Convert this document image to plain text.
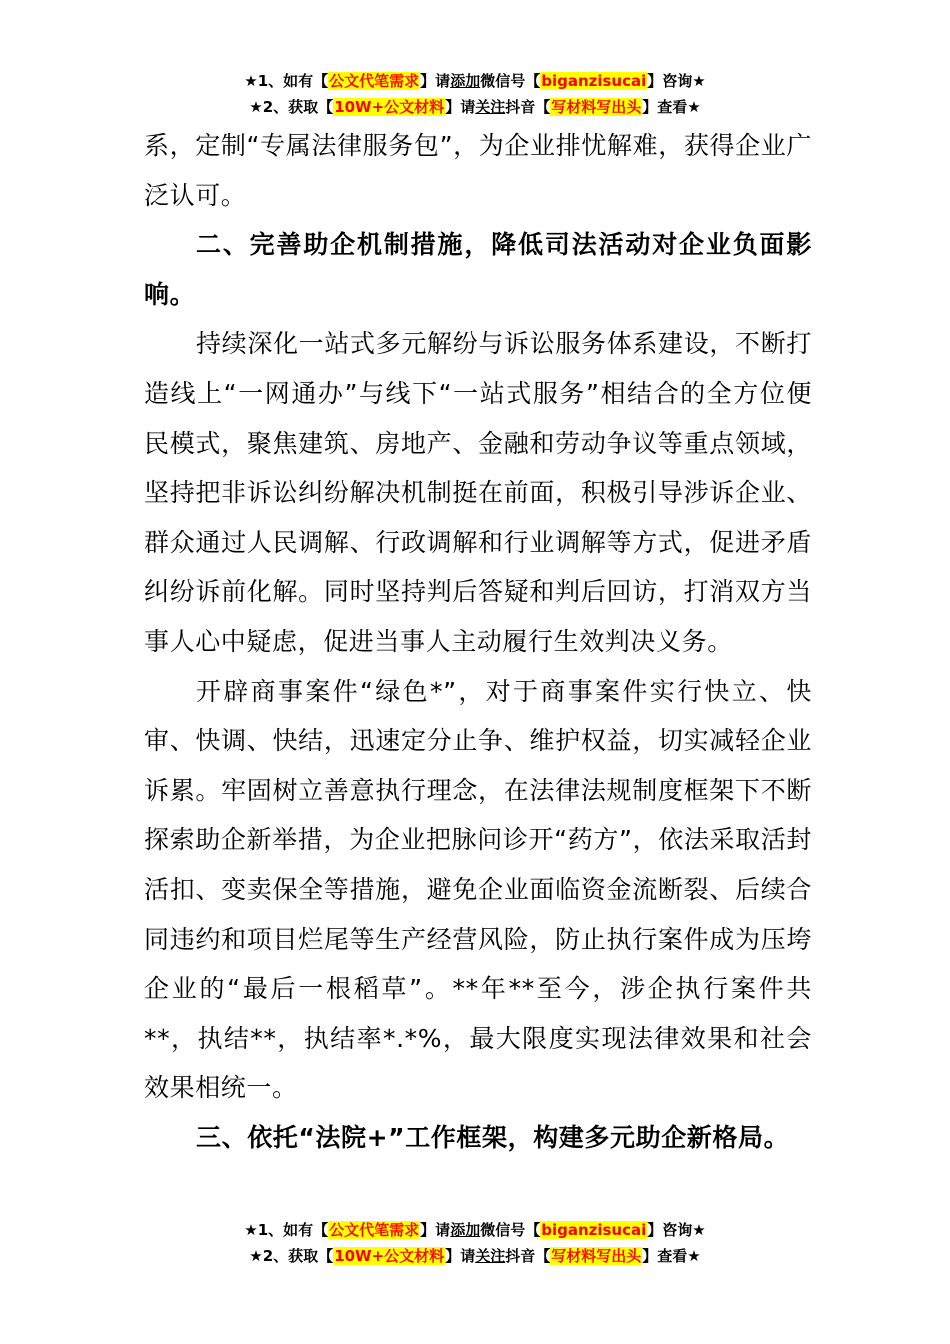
★1、如有【公文代笔需求】请添加微信号【biganzisucai】咨询★
★2、获取【10W+公文材料】请关注抖音【写材料写出头】查看★

系，定制“专属法律服务包”，为企业排忧解难，获得企业广泛认可。

二、完善助企机制措施，降低司法活动对企业负面影响。

持续深化一站式多元解纷与诉讼服务体系建设，不断打造线上“一网通办”与线下“一站式服务”相结合的全方位便民模式，聚焦建筑、房地产、金融和劳动争议等重点领域，坚持把非诉讼纠纷解决机制挺在前面，积极引导涉诉企业、群众通过人民调解、行政调解和行业调解等方式，促进矛盾纠纷诉前化解。同时坚持判后答疑和判后回访，打消双方当事人心中疑虑，促进当事人主动履行生效判决义务。

开辟商事案件“绿色*”，对于商事案件实行快立、快审、快调、快结，迅速定分止争、维护权益，切实减轻企业诉累。牢固树立善意执行理念，在法律法规制度框架下不断探索助企新举措，为企业把脉问诊开“药方”，依法采取活封活扣、变卖保全等措施，避免企业面临资金流断裂、后续合同违约和项目烂尾等生产经营风险，防止执行案件成为压垮企业的“最后一根稻草”。**年**至今，涉企执行案件共**，执结**，执结率*.*%，最大限度实现法律效果和社会效果相统一。

三、依托“法院+”工作框架，构建多元助企新格局。

★1、如有【公文代笔需求】请添加微信号【biganzisucai】咨询★
★2、获取【10W+公文材料】请关注抖音【写材料写出头】查看★
